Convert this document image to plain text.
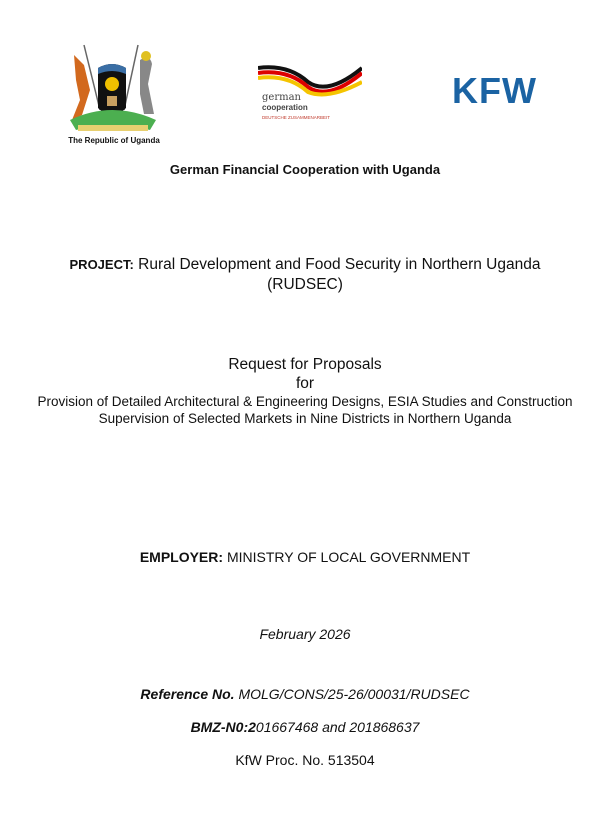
The Republic of Uganda
german
cooperation
DEUTSCHE ZUSAMMENARBEIT
KFW
German Financial Cooperation with Uganda
PROJECT: Rural Development and Food Security in Northern Uganda
(RUDSEC)
Request for Proposals
for
Provision of Detailed Architectural & Engineering Designs, ESIA Studies and Construction
Supervision of Selected Markets in Nine Districts in Northern Uganda
EMPLOYER: MINISTRY OF LOCAL GOVERNMENT
February 2026
Reference No. MOLG/CONS/25-26/00031/RUDSEC
BMZ-N0:201667468 and 201868637
KfW Proc. No. 513504
